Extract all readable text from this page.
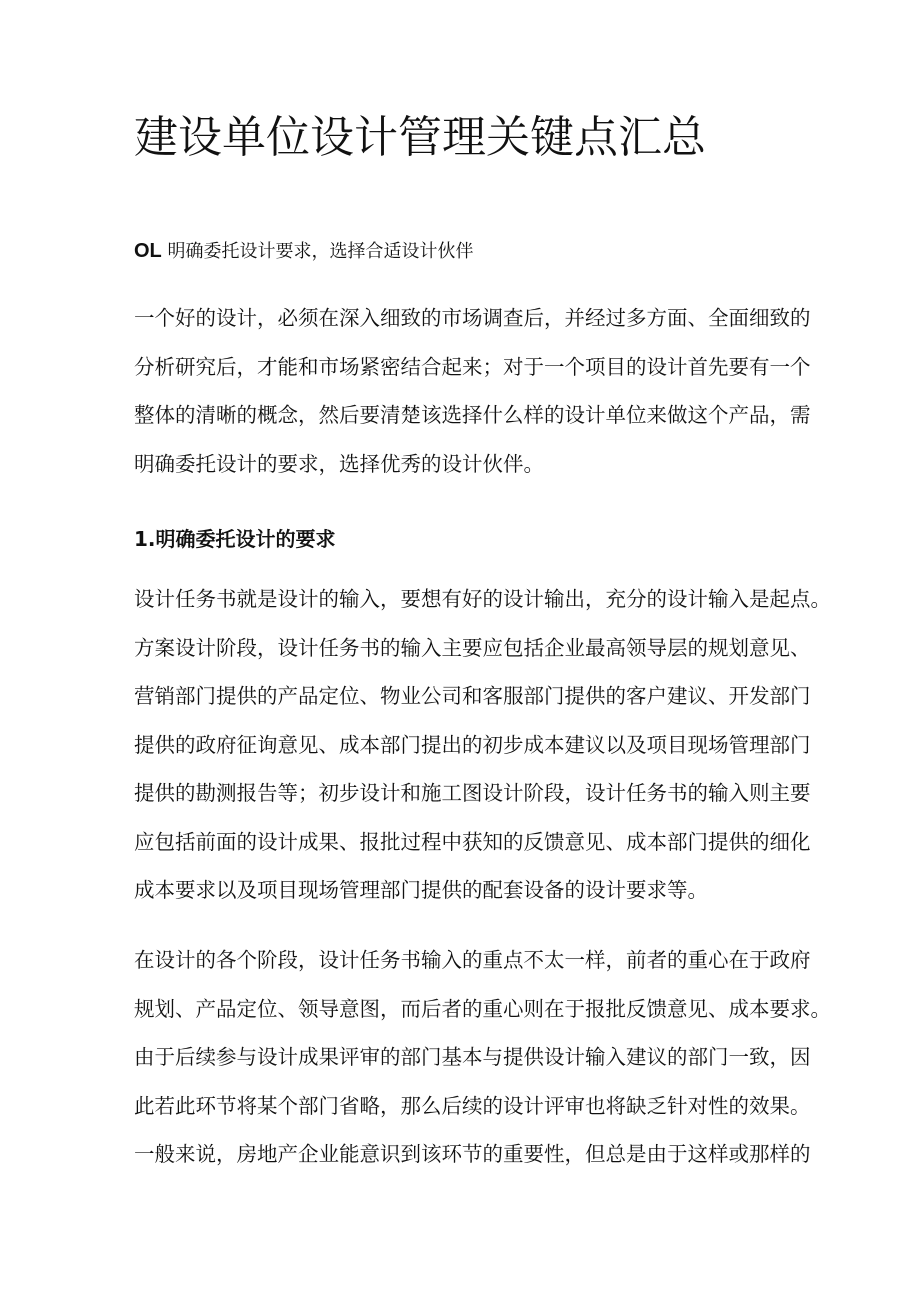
建设单位设计管理关键点汇总
OL 明确委托设计要求，选择合适设计伙伴
一个好的设计，必须在深入细致的市场调查后，并经过多方面、全面细致的
分析研究后，才能和市场紧密结合起来；对于一个项目的设计首先要有一个
整体的清晰的概念，然后要清楚该选择什么样的设计单位来做这个产品，需
明确委托设计的要求，选择优秀的设计伙伴。
1.明确委托设计的要求
设计任务书就是设计的输入，要想有好的设计输出，充分的设计输入是起点。
方案设计阶段，设计任务书的输入主要应包括企业最高领导层的规划意见、
营销部门提供的产品定位、物业公司和客服部门提供的客户建议、开发部门
提供的政府征询意见、成本部门提出的初步成本建议以及项目现场管理部门
提供的勘测报告等；初步设计和施工图设计阶段，设计任务书的输入则主要
应包括前面的设计成果、报批过程中获知的反馈意见、成本部门提供的细化
成本要求以及项目现场管理部门提供的配套设备的设计要求等。
在设计的各个阶段，设计任务书输入的重点不太一样，前者的重心在于政府
规划、产品定位、领导意图，而后者的重心则在于报批反馈意见、成本要求。
由于后续参与设计成果评审的部门基本与提供设计输入建议的部门一致，因
此若此环节将某个部门省略，那么后续的设计评审也将缺乏针对性的效果。
一般来说，房地产企业能意识到该环节的重要性，但总是由于这样或那样的
